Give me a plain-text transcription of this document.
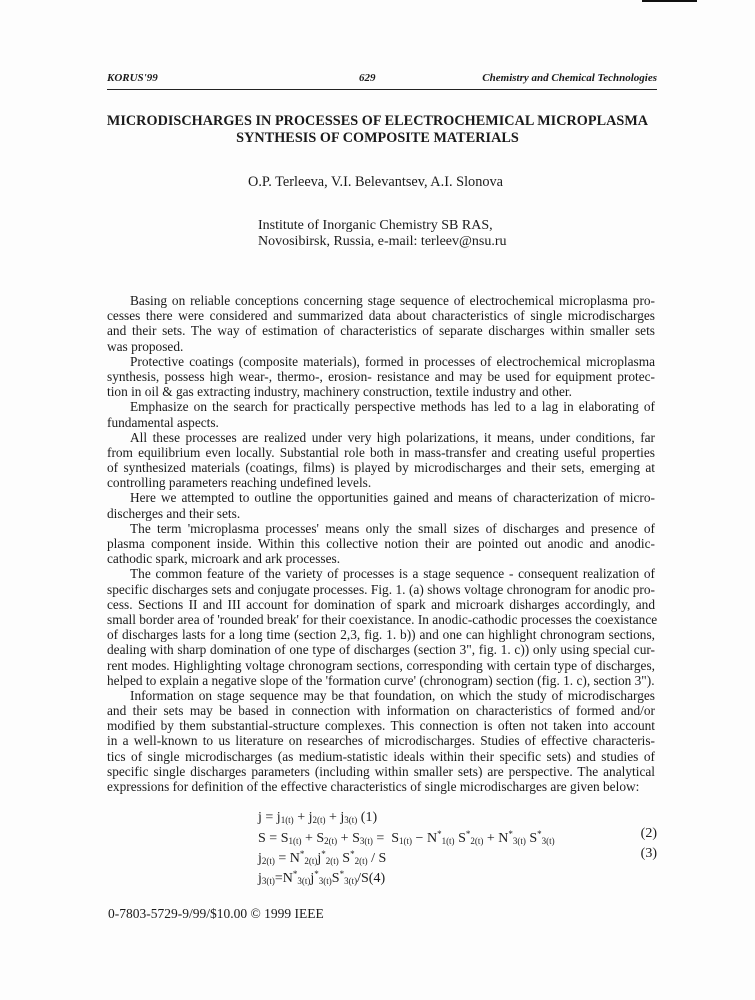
KORUS'99	629	Chemistry and Chemical Technologies
MICRODISCHARGES IN PROCESSES OF ELECTROCHEMICAL MICROPLASMA
SYNTHESIS OF COMPOSITE MATERIALS
O.P. Terleeva, V.I. Belevantsev, A.I. Slonova
Institute of Inorganic Chemistry SB RAS,
Novosibirsk, Russia, e-mail: terleev@nsu.ru
Basing on reliable conceptions concerning stage sequence of electrochemical microplasma pro-
cesses there were considered and summarized data about characteristics of single microdischarges
and their sets. The way of estimation of characteristics of separate discharges within smaller sets
was proposed.
Protective coatings (composite materials), formed in processes of electrochemical microplasma
synthesis, possess high wear-, thermo-, erosion- resistance and may be used for equipment protec-
tion in oil & gas extracting industry, machinery construction, textile industry and other.
Emphasize on the search for practically perspective methods has led to a lag in elaborating of
fundamental aspects.
All these processes are realized under very high polarizations, it means, under conditions, far
from equilibrium even locally. Substantial role both in mass-transfer and creating useful properties
of synthesized materials (coatings, films) is played by microdischarges and their sets, emerging at
controlling parameters reaching undefined levels.
Here we attempted to outline the opportunities gained and means of characterization of micro-
discherges and their sets.
The term 'microplasma processes' means only the small sizes of discharges and presence of
plasma component inside. Within this collective notion their are pointed out anodic and anodic-
cathodic spark, microark and ark processes.
The common feature of the variety of processes is a stage sequence - consequent realization of
specific discharges sets and conjugate processes. Fig. 1. (a) shows voltage chronogram for anodic pro-
cess. Sections II and III account for domination of spark and microark disharges accordingly, and
small border area of 'rounded break' for their coexistance. In anodic-cathodic processes the coexistance
of discharges lasts for a long time (section 2,3, fig. 1. b)) and one can highlight chronogram sections,
dealing with sharp domination of one type of discharges (section 3", fig. 1. c)) only using special cur-
rent modes. Highlighting voltage chronogram sections, corresponding with certain type of discharges,
helped to explain a negative slope of the 'formation curve' (chronogram) section (fig. 1. c), section 3").
Information on stage sequence may be that foundation, on which the study of microdischarges
and their sets may be based in connection with information on characteristics of formed and/or
modified by them substantial-structure complexes. This connection is often not taken into account
in a well-known to us literature on researches of microdischarges. Studies of effective characteris-
tics of single microdischarges (as medium-statistic ideals within their specific sets) and studies of
specific single discharges parameters (including within smaller sets) are perspective. The analytical
expressions for definition of the effective characteristics of single microdischarges are given below:
$j = j_{1(t)} + j_{2(t)} + j_{3(t)}$ (1)
$S = S_{1(t)} + S_{2(t)} + S_{3(t)} = S_{1(t)} - N^*_{1(t)}$ $S^*_{2(t)} + N^*_{3(t)}$ $S^*_{3(t)}$	(2)
$j_{2(t)} = N^*_{2(t)}j^*_{2(t)}$ $S^*_{2(t)}$ / S	(3)
$j_{3(t)}=N^*_{3(t)}j^*_{3(t)}S^*_{3(t)}/S(4)$
0-7803-5729-9/99/$10.00 © 1999 IEEE
